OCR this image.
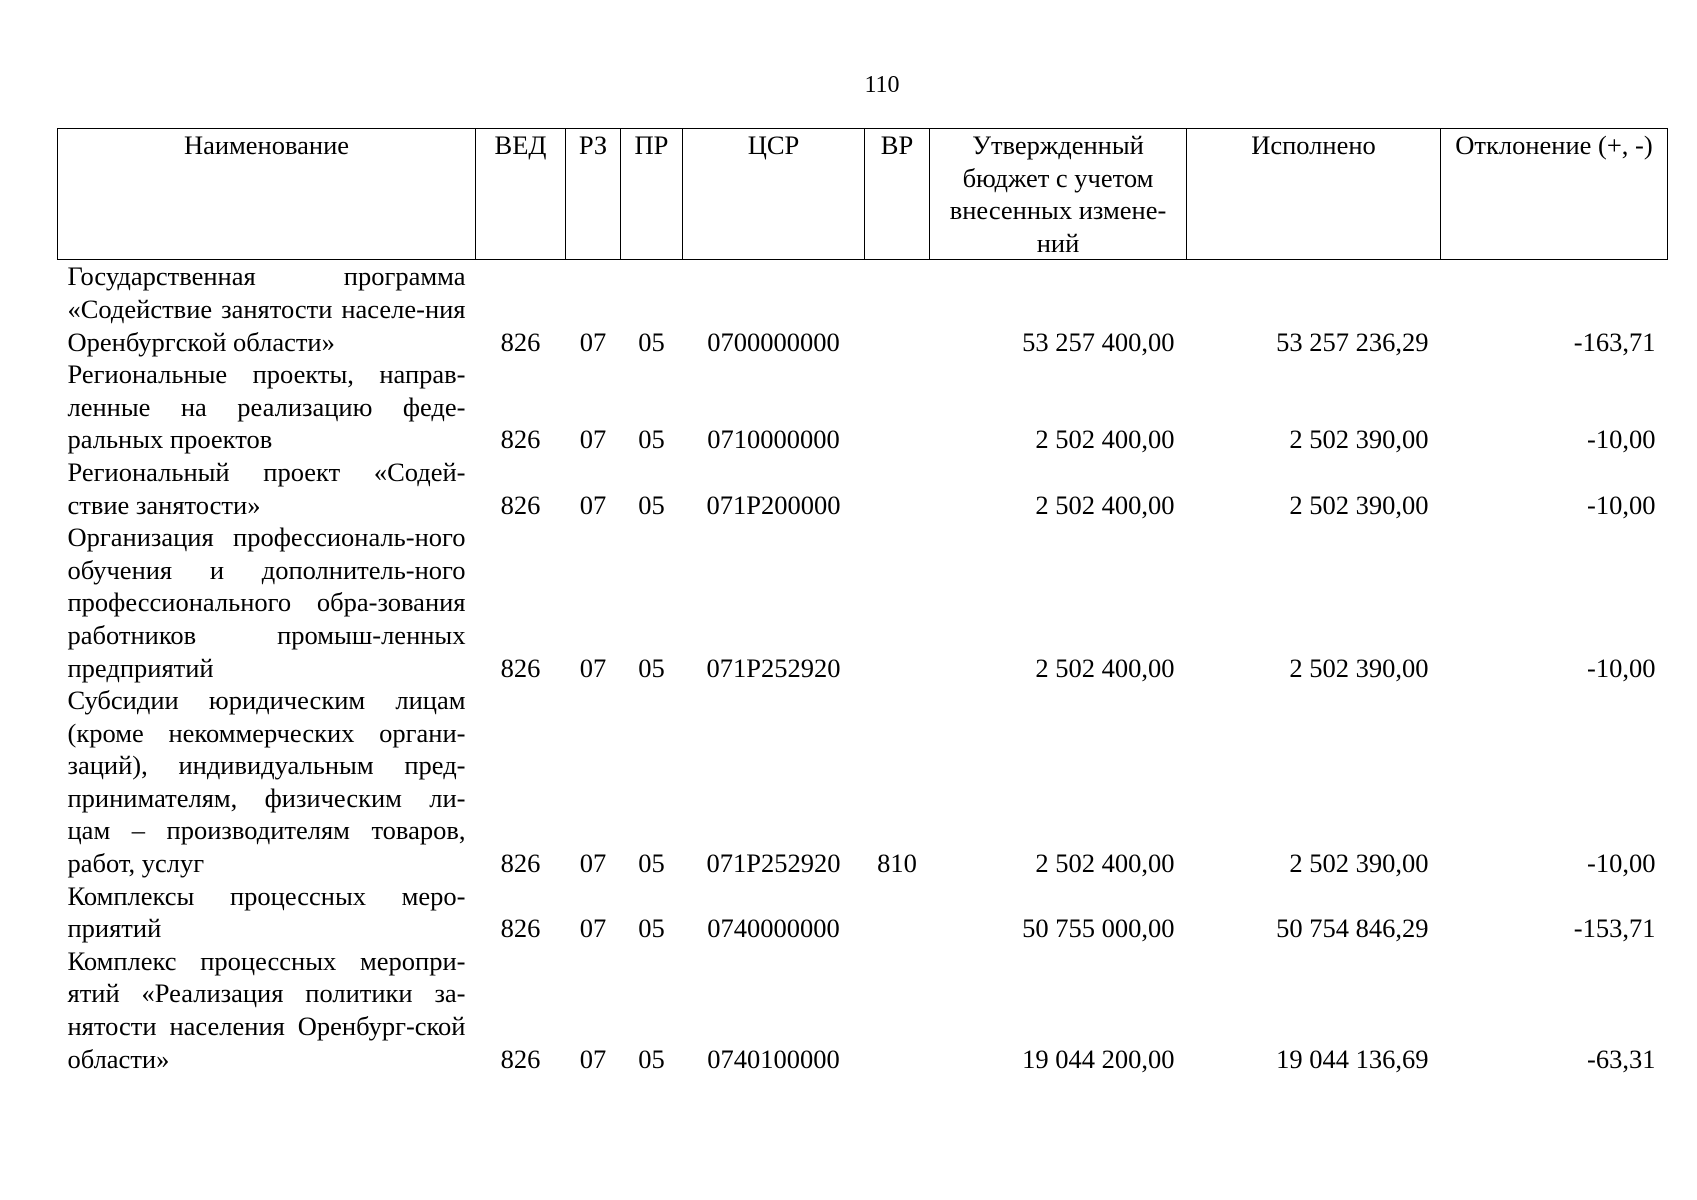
110
Наименование	ВЕД	РЗ	ПР	ЦСР	ВР	Утвержденный бюджет с учетом внесенных измене-ний	Исполнено	Отклонение (+, -)
Государственная программа «Содействие занятости населе-ния Оренбургской области»	826	07	05	0700000000		53 257 400,00	53 257 236,29	-163,71
Региональные проекты, направ-ленные на реализацию феде-ральных проектов	826	07	05	0710000000		2 502 400,00	2 502 390,00	-10,00
Региональный проект «Содей-ствие занятости»	826	07	05	071P200000		2 502 400,00	2 502 390,00	-10,00
Организация профессиональ-ного обучения и дополнитель-ного профессионального обра-зования работников промыш-ленных предприятий	826	07	05	071P252920		2 502 400,00	2 502 390,00	-10,00
Субсидии юридическим лицам (кроме некоммерческих органи-заций), индивидуальным пред-принимателям, физическим ли-цам – производителям товаров, работ, услуг	826	07	05	071P252920	810	2 502 400,00	2 502 390,00	-10,00
Комплексы процессных меро-приятий	826	07	05	0740000000		50 755 000,00	50 754 846,29	-153,71
Комплекс процессных меропри-ятий «Реализация политики за-нятости населения Оренбург-ской области»	826	07	05	0740100000		19 044 200,00	19 044 136,69	-63,31
